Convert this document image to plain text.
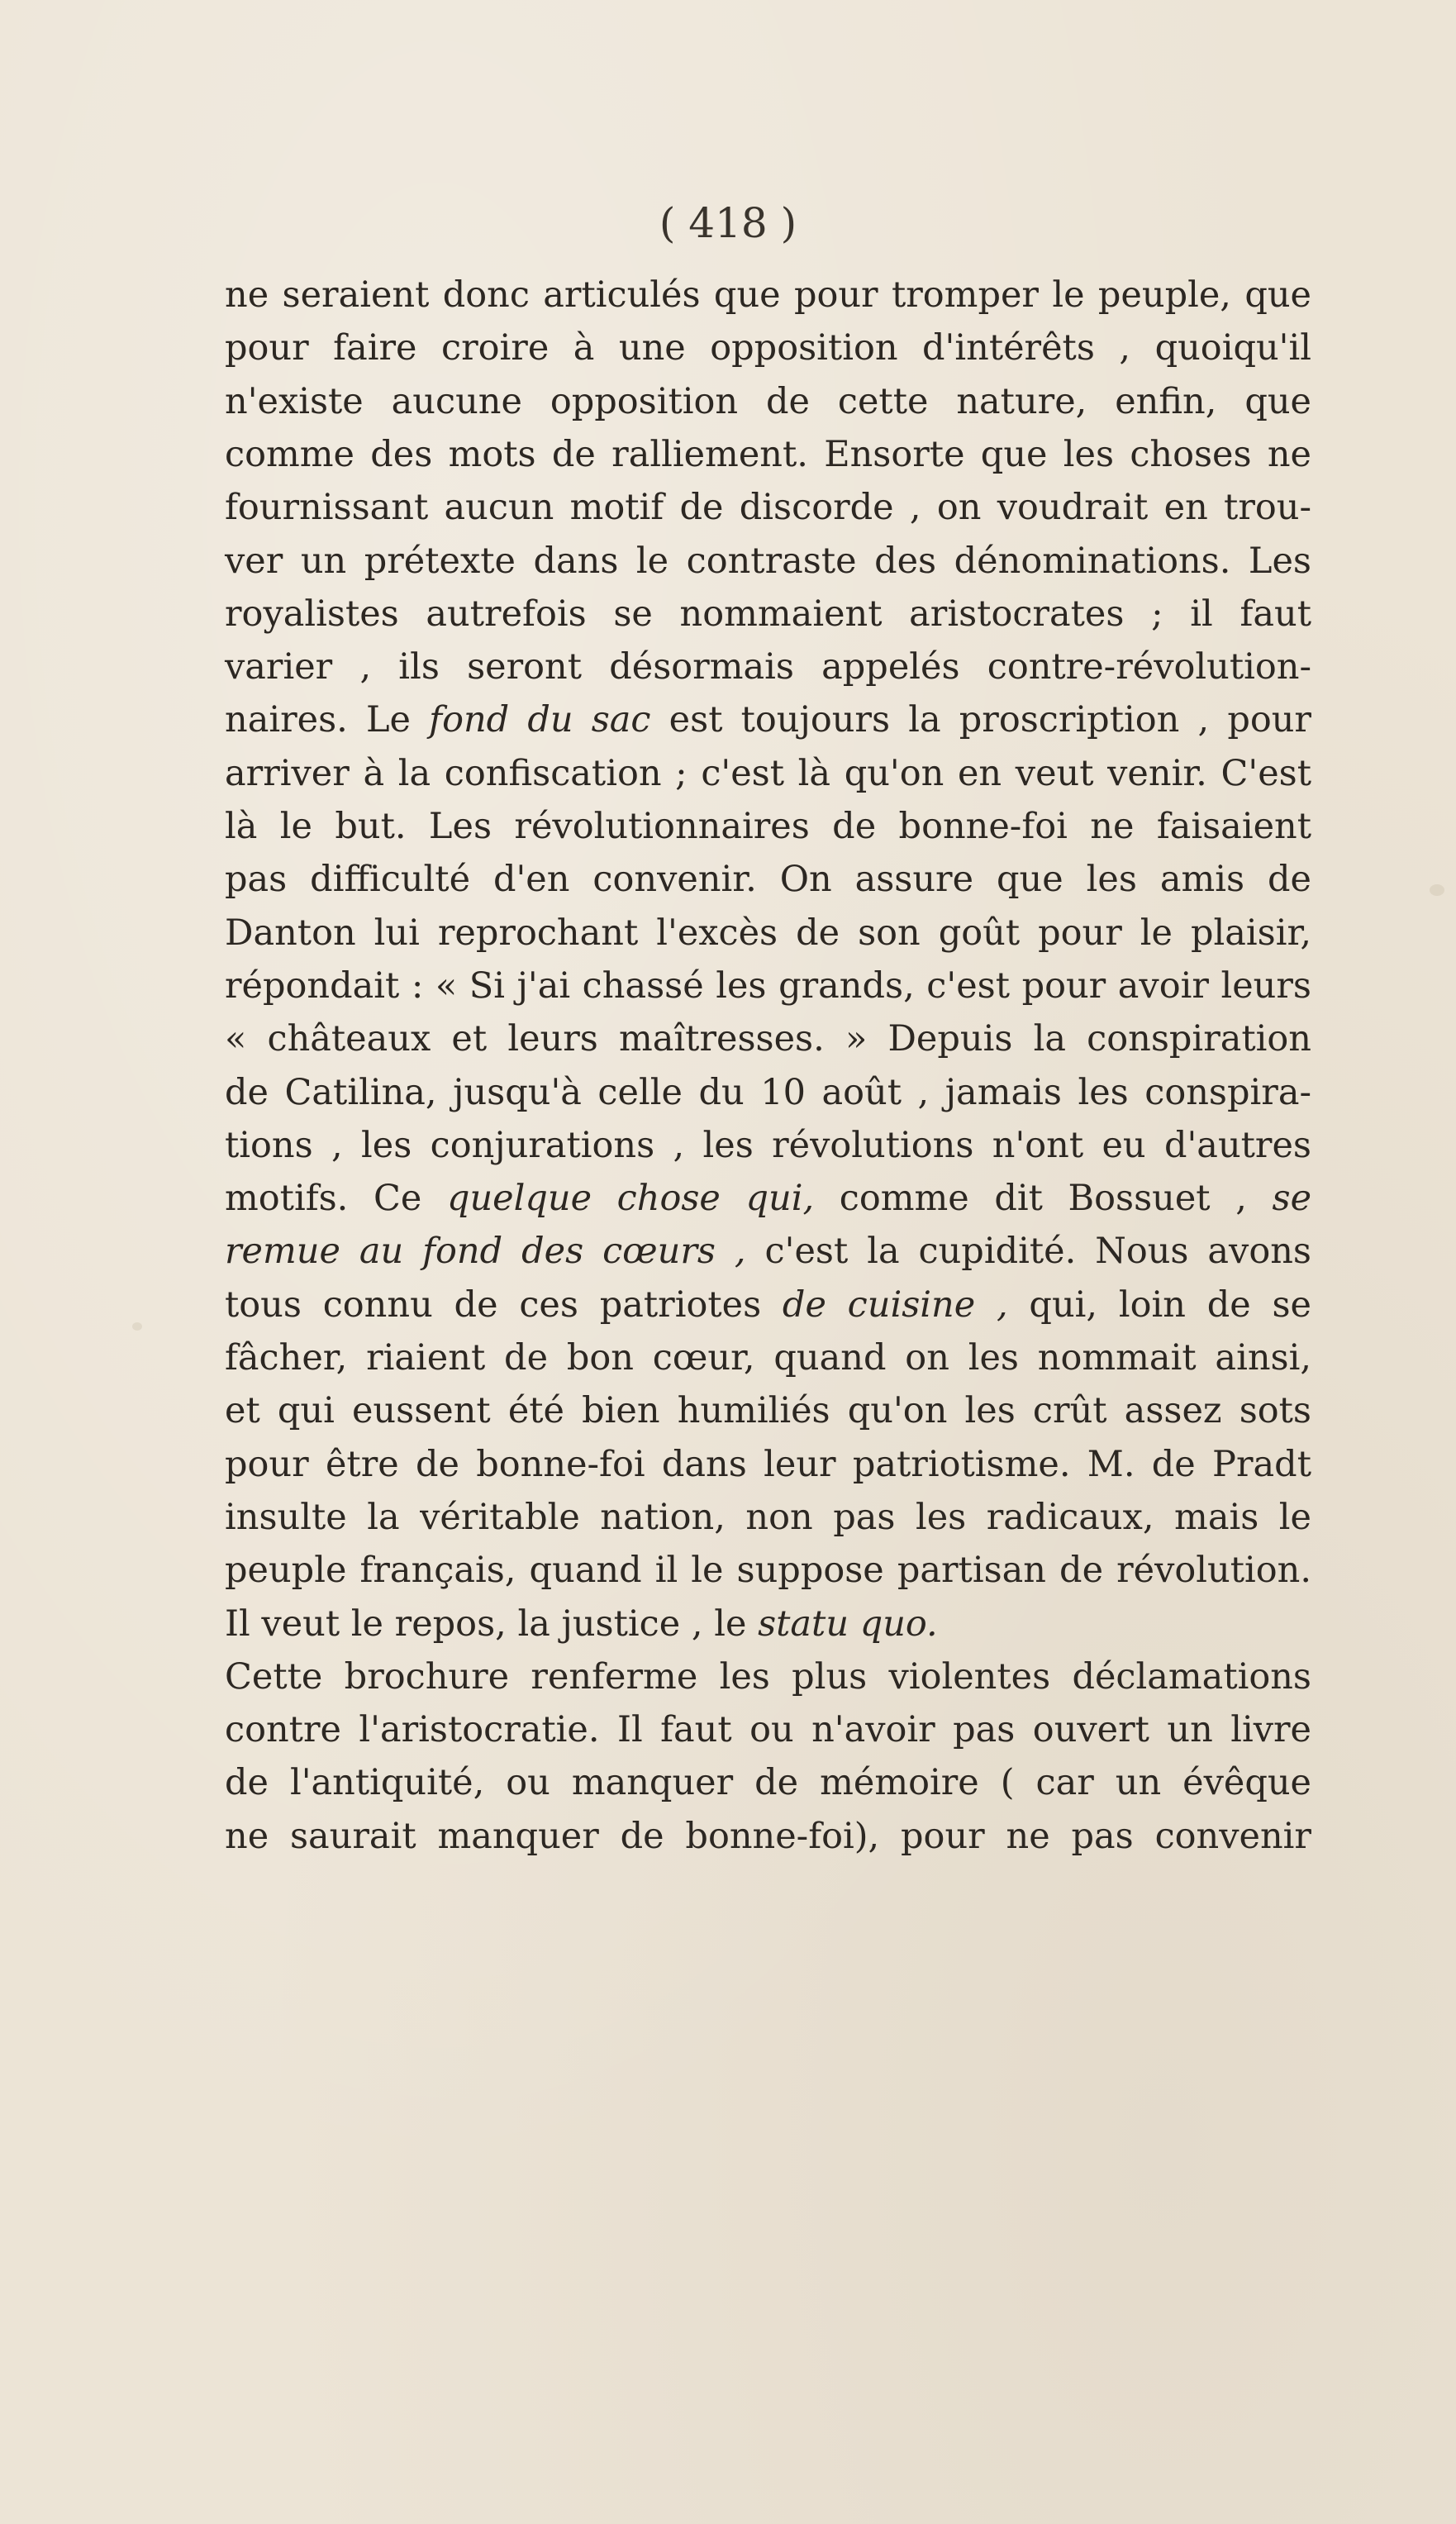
( 418 )
ne seraient donc articulés que pour tromper le peuple, que
pour faire croire à une opposition d'intérêts , quoiqu'il
n'existe aucune opposition de cette nature, enfin, que
comme des mots de ralliement. Ensorte que les choses ne
fournissant aucun motif de discorde , on voudrait en trou-
ver un prétexte dans le contraste des dénominations. Les
royalistes autrefois se nommaient aristocrates ; il faut
varier , ils seront désormais appelés contre-révolution-
naires. Le fond du sac est toujours la proscription , pour
arriver à la confiscation ; c'est là qu'on en veut venir. C'est
là le but. Les révolutionnaires de bonne-foi ne faisaient
pas difficulté d'en convenir. On assure que les amis de
Danton lui reprochant l'excès de son goût pour le plaisir,
répondait : « Si j'ai chassé les grands, c'est pour avoir leurs
« châteaux et leurs maîtresses. » Depuis la conspiration
de Catilina, jusqu'à celle du 10 août , jamais les conspira-
tions , les conjurations , les révolutions n'ont eu d'autres
motifs. Ce quelque chose qui, comme dit Bossuet , se
remue au fond des cœurs , c'est la cupidité. Nous avons
tous connu de ces patriotes de cuisine , qui, loin de se
fâcher, riaient de bon cœur, quand on les nommait ainsi,
et qui eussent été bien humiliés qu'on les crût assez sots
pour être de bonne-foi dans leur patriotisme. M. de Pradt
insulte la véritable nation, non pas les radicaux, mais le
peuple français, quand il le suppose partisan de révolution.
Il veut le repos, la justice , le statu quo.
Cette brochure renferme les plus violentes déclamations
contre l'aristocratie. Il faut ou n'avoir pas ouvert un livre
de l'antiquité, ou manquer de mémoire ( car un évêque
ne saurait manquer de bonne-foi), pour ne pas convenir
